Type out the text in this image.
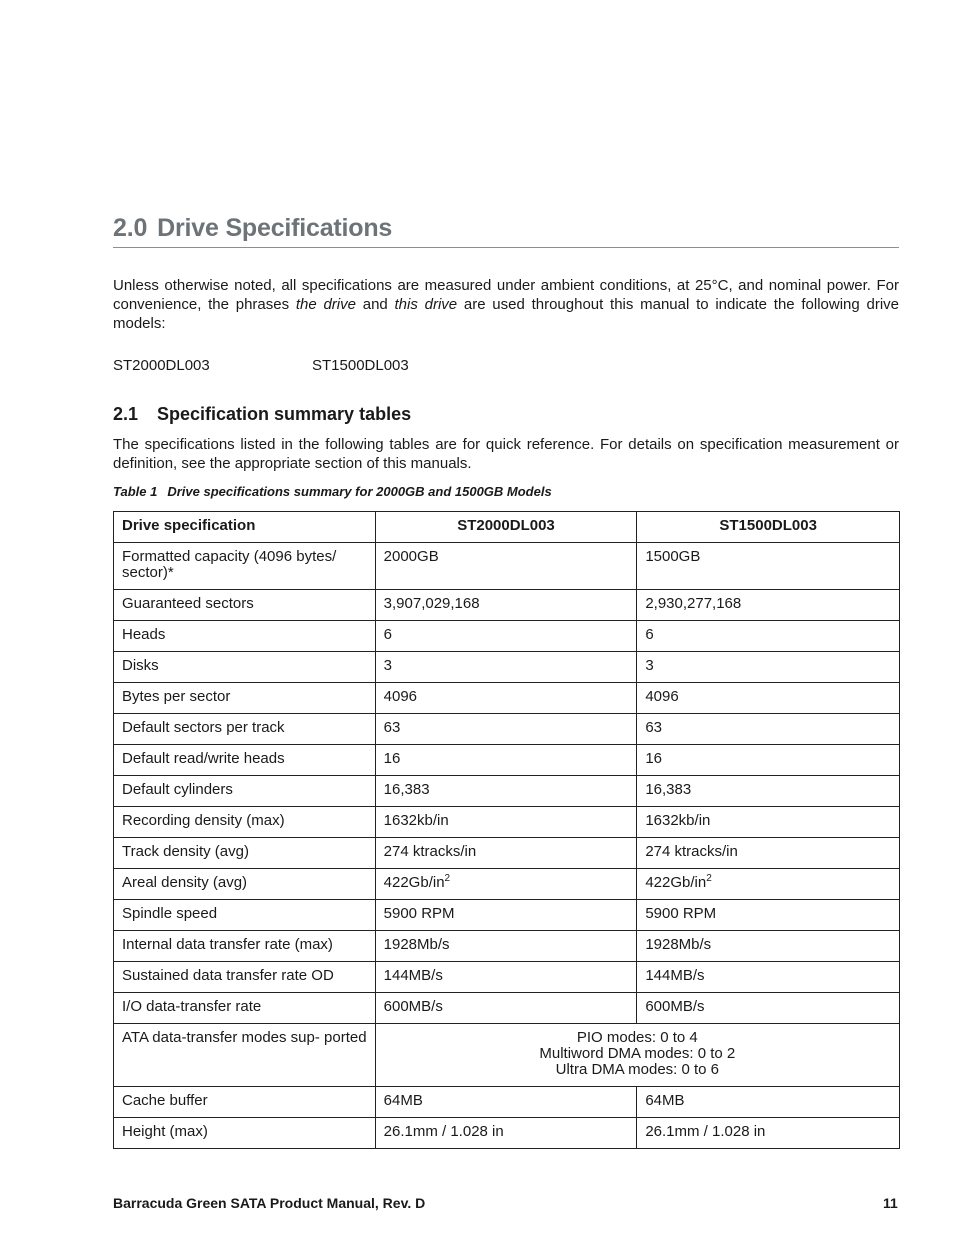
2.0 Drive Specifications
Unless otherwise noted, all specifications are measured under ambient conditions, at 25°C, and nominal power. For convenience, the phrases the drive and this drive are used throughout this manual to indicate the following drive models:
ST2000DL003	ST1500DL003
2.1 Specification summary tables
The specifications listed in the following tables are for quick reference. For details on specification measurement or definition, see the appropriate section of this manuals.
Table 1 Drive specifications summary for 2000GB and 1500GB Models
Drive specification	ST2000DL003	ST1500DL003
Formatted capacity (4096 bytes/ sector)*	2000GB	1500GB
Guaranteed sectors	3,907,029,168	2,930,277,168
Heads	6	6
Disks	3	3
Bytes per sector	4096	4096
Default sectors per track	63	63
Default read/write heads	16	16
Default cylinders	16,383	16,383
Recording density (max)	1632kb/in	1632kb/in
Track density (avg)	274 ktracks/in	274 ktracks/in
Areal density (avg)	$422Gb/in^2$	$422Gb/in^2$
Spindle speed	5900 RPM	5900 RPM
Internal data transfer rate (max)	1928Mb/s	1928Mb/s
Sustained data transfer rate OD	144MB/s	144MB/s
I/O data-transfer rate	600MB/s	600MB/s
ATA data-transfer modes sup- ported	PIO modes: 0 to 4
Multiword DMA modes: 0 to 2
Ultra DMA modes: 0 to 6	

Cache buffer	64MB	64MB
Height (max)	26.1mm / 1.028 in	26.1mm / 1.028 in
Barracuda Green SATA Product Manual, Rev. D	11
